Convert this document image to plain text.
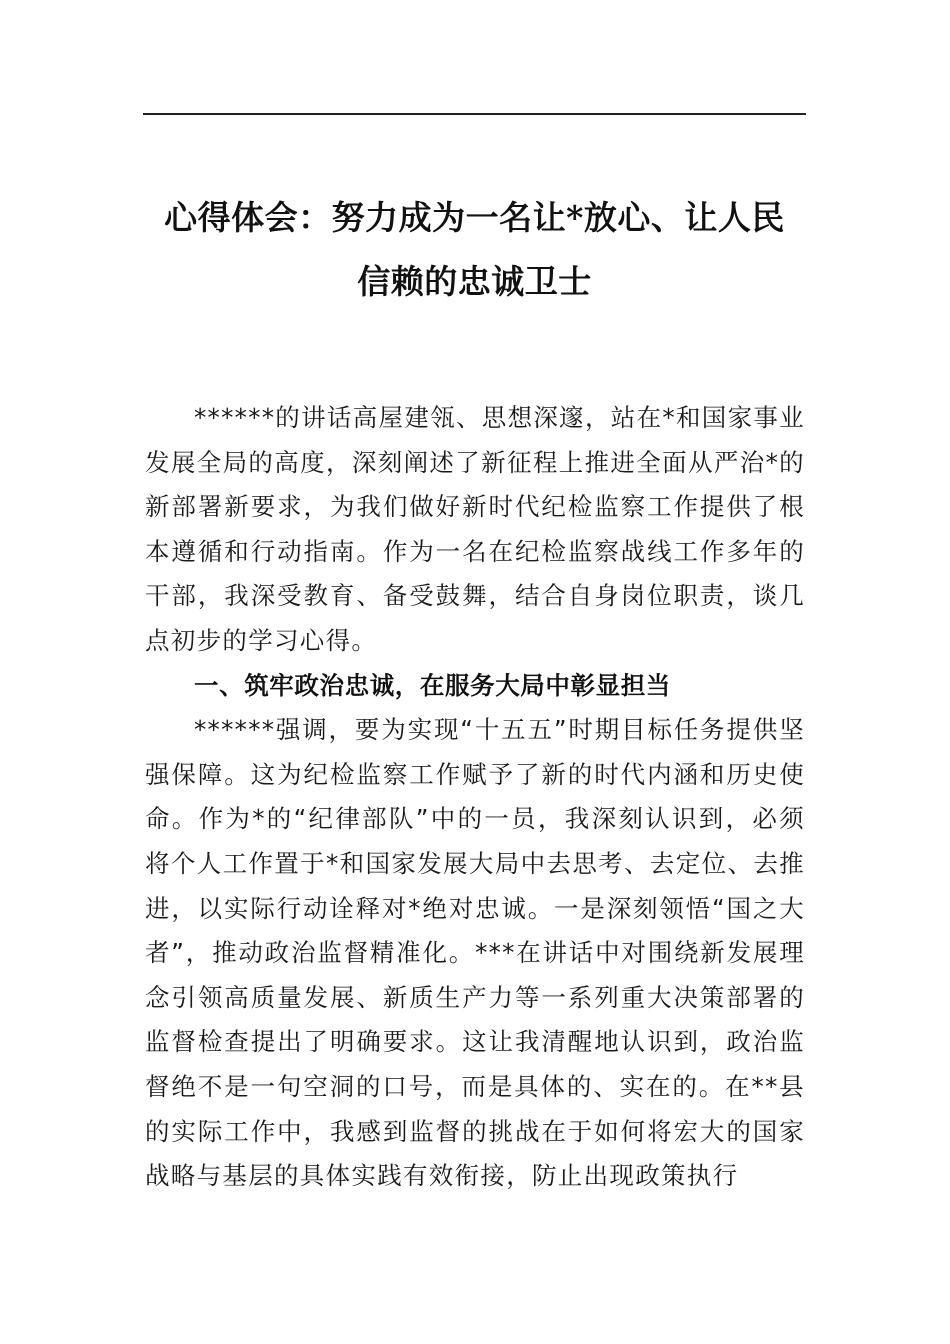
心得体会：努力成为一名让*放心、让人民
信赖的忠诚卫士

******的讲话高屋建瓴、思想深邃，站在*和国家事业发展全局的高度，深刻阐述了新征程上推进全面从严治*的新部署新要求，为我们做好新时代纪检监察工作提供了根本遵循和行动指南。作为一名在纪检监察战线工作多年的干部，我深受教育、备受鼓舞，结合自身岗位职责，谈几点初步的学习心得。

一、筑牢政治忠诚，在服务大局中彰显担当

******强调，要为实现“十五五”时期目标任务提供坚强保障。这为纪检监察工作赋予了新的时代内涵和历史使命。作为*的“纪律部队”中的一员，我深刻认识到，必须将个人工作置于*和国家发展大局中去思考、去定位、去推进，以实际行动诠释对*绝对忠诚。一是深刻领悟“国之大者”，推动政治监督精准化。***在讲话中对围绕新发展理念引领高质量发展、新质生产力等一系列重大决策部署的监督检查提出了明确要求。这让我清醒地认识到，政治监督绝不是一句空洞的口号，而是具体的、实在的。在**县的实际工作中，我感到监督的挑战在于如何将宏大的国家战略与基层的具体实践有效衔接，防止出现政策执行
